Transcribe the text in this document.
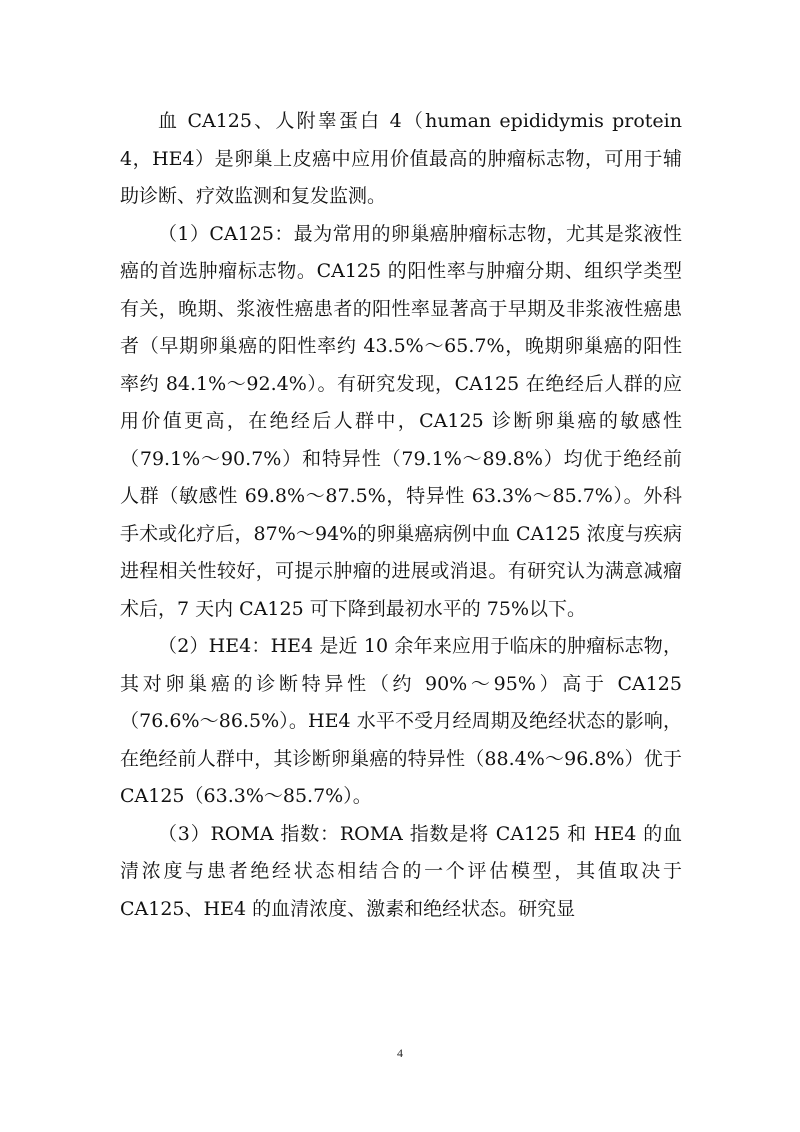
血 CA125、人附睾蛋白 4（human epididymis protein 4，HE4）是卵巢上皮癌中应用价值最高的肿瘤标志物，可用于辅助诊断、疗效监测和复发监测。

（1）CA125：最为常用的卵巢癌肿瘤标志物，尤其是浆液性癌的首选肿瘤标志物。CA125 的阳性率与肿瘤分期、组织学类型有关，晚期、浆液性癌患者的阳性率显著高于早期及非浆液性癌患者（早期卵巢癌的阳性率约 43.5%～65.7%，晚期卵巢癌的阳性率约 84.1%～92.4%）。有研究发现，CA125 在绝经后人群的应用价值更高，在绝经后人群中，CA125 诊断卵巢癌的敏感性（79.1%～90.7%）和特异性（79.1%～89.8%）均优于绝经前人群（敏感性 69.8%～87.5%，特异性 63.3%～85.7%）。外科手术或化疗后，87%～94%的卵巢癌病例中血 CA125 浓度与疾病进程相关性较好，可提示肿瘤的进展或消退。有研究认为满意减瘤术后，7 天内 CA125 可下降到最初水平的 75%以下。

（2）HE4：HE4 是近 10 余年来应用于临床的肿瘤标志物，其对卵巢癌的诊断特异性（约 90%～95%）高于 CA125（76.6%～86.5%）。HE4 水平不受月经周期及绝经状态的影响，在绝经前人群中，其诊断卵巢癌的特异性（88.4%～96.8%）优于 CA125（63.3%～85.7%）。

（3）ROMA 指数：ROMA 指数是将 CA125 和 HE4 的血清浓度与患者绝经状态相结合的一个评估模型，其值取决于 CA125、HE4 的血清浓度、激素和绝经状态。研究显

4
